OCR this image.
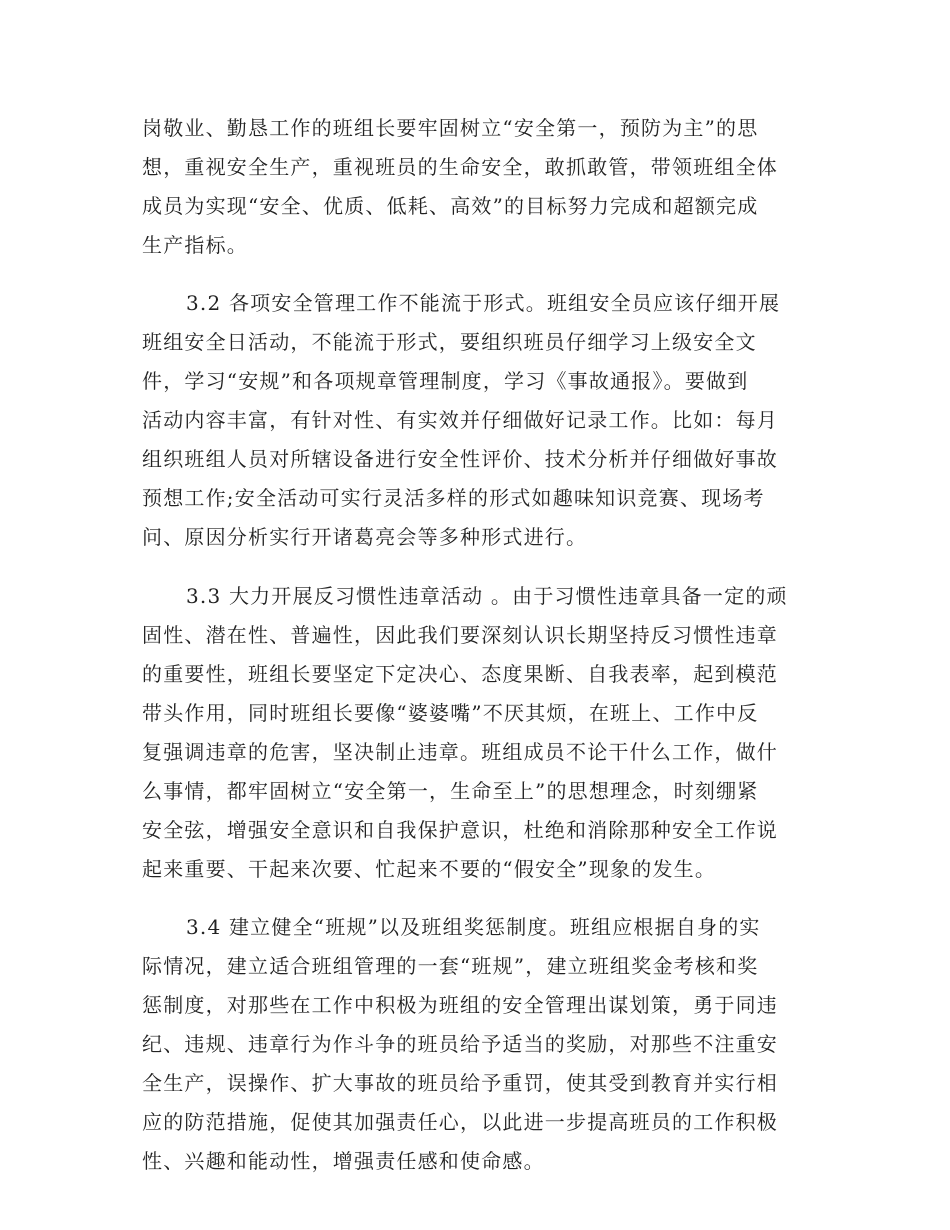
岗敬业、勤恳工作的班组长要牢固树立“安全第一，预防为主”的思
想，重视安全生产，重视班员的生命安全，敢抓敢管，带领班组全体
成员为实现“安全、优质、低耗、高效”的目标努力完成和超额完成
生产指标。
3.2 各项安全管理工作不能流于形式。班组安全员应该仔细开展
班组安全日活动，不能流于形式，要组织班员仔细学习上级安全文
件，学习“安规”和各项规章管理制度，学习《事故通报》。要做到
活动内容丰富，有针对性、有实效并仔细做好记录工作。比如：每月
组织班组人员对所辖设备进行安全性评价、技术分析并仔细做好事故
预想工作;安全活动可实行灵活多样的形式如趣味知识竞赛、现场考
问、原因分析实行开诸葛亮会等多种形式进行。
3.3 大力开展反习惯性违章活动 。由于习惯性违章具备一定的顽
固性、潜在性、普遍性，因此我们要深刻认识长期坚持反习惯性违章
的重要性，班组长要坚定下定决心、态度果断、自我表率，起到模范
带头作用，同时班组长要像“婆婆嘴”不厌其烦，在班上、工作中反
复强调违章的危害，坚决制止违章。班组成员不论干什么工作，做什
么事情，都牢固树立“安全第一，生命至上”的思想理念，时刻绷紧
安全弦，增强安全意识和自我保护意识，杜绝和消除那种安全工作说
起来重要、干起来次要、忙起来不要的“假安全”现象的发生。
3.4 建立健全“班规”以及班组奖惩制度。班组应根据自身的实
际情况，建立适合班组管理的一套“班规”，建立班组奖金考核和奖
惩制度，对那些在工作中积极为班组的安全管理出谋划策，勇于同违
纪、违规、违章行为作斗争的班员给予适当的奖励，对那些不注重安
全生产，误操作、扩大事故的班员给予重罚，使其受到教育并实行相
应的防范措施，促使其加强责任心，以此进一步提高班员的工作积极
性、兴趣和能动性，增强责任感和使命感。
